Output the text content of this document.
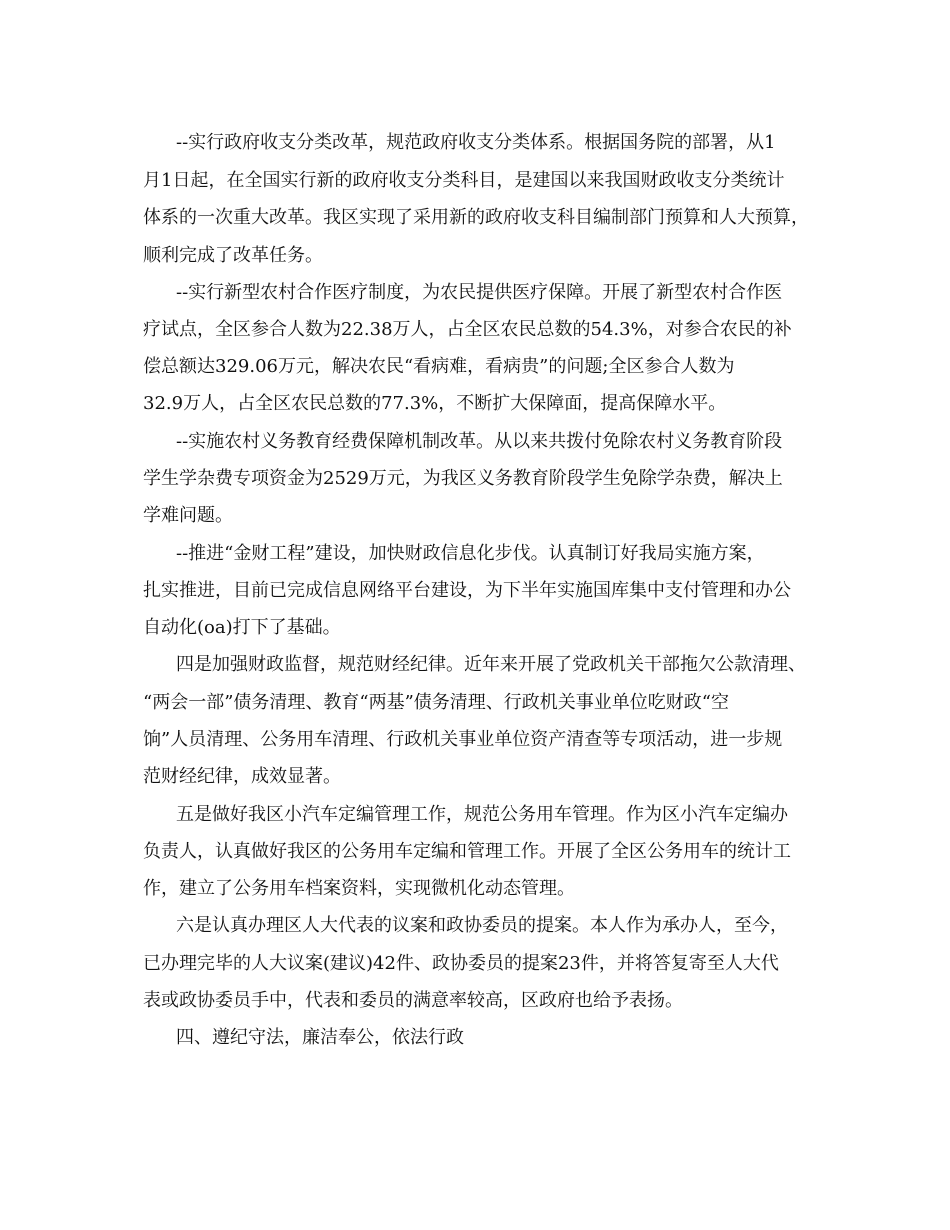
--实行政府收支分类改革，规范政府收支分类体系。根据国务院的部署，从1
月1日起，在全国实行新的政府收支分类科目，是建国以来我国财政收支分类统计
体系的一次重大改革。我区实现了采用新的政府收支科目编制部门预算和人大预算，
顺利完成了改革任务。
--实行新型农村合作医疗制度，为农民提供医疗保障。开展了新型农村合作医
疗试点，全区参合人数为22.38万人，占全区农民总数的54.3%，对参合农民的补
偿总额达329.06万元，解决农民“看病难，看病贵”的问题;全区参合人数为
32.9万人，占全区农民总数的77.3%，不断扩大保障面，提高保障水平。
--实施农村义务教育经费保障机制改革。从以来共拨付免除农村义务教育阶段
学生学杂费专项资金为2529万元，为我区义务教育阶段学生免除学杂费，解决上
学难问题。
--推进“金财工程”建设，加快财政信息化步伐。认真制订好我局实施方案，
扎实推进，目前已完成信息网络平台建设，为下半年实施国库集中支付管理和办公
自动化(oa)打下了基础。
四是加强财政监督，规范财经纪律。近年来开展了党政机关干部拖欠公款清理、
“两会一部”债务清理、教育“两基”债务清理、行政机关事业单位吃财政“空
饷”人员清理、公务用车清理、行政机关事业单位资产清查等专项活动，进一步规
范财经纪律，成效显著。
五是做好我区小汽车定编管理工作，规范公务用车管理。作为区小汽车定编办
负责人，认真做好我区的公务用车定编和管理工作。开展了全区公务用车的统计工
作，建立了公务用车档案资料，实现微机化动态管理。
六是认真办理区人大代表的议案和政协委员的提案。本人作为承办人，至今，
已办理完毕的人大议案(建议)42件、政协委员的提案23件，并将答复寄至人大代
表或政协委员手中，代表和委员的满意率较高，区政府也给予表扬。
四、遵纪守法，廉洁奉公，依法行政
